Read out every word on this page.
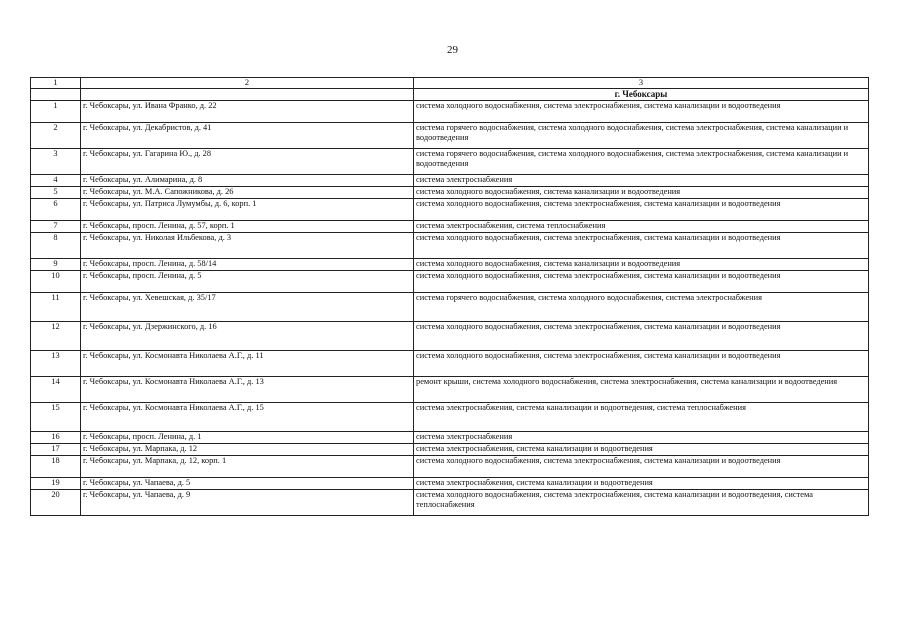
29
1	2	3
		г. Чебоксары
1	г. Чебоксары, ул. Ивана Франко, д. 22	система холодного водоснабжения, система электроснабжения, система канализации и водоотведения
2	г. Чебоксары, ул. Декабристов, д. 41	система горячего водоснабжения, система холодного водоснабжения, система электроснабжения, система канализации и водоотведения
3	г. Чебоксары, ул. Гагарина Ю., д. 28	система горячего водоснабжения, система холодного водоснабжения, система электроснабжения, система канализации и водоотведения
4	г. Чебоксары, ул. Алимарина, д. 8	система электроснабжения
5	г. Чебоксары, ул. М.А. Сапожникова, д. 26	система холодного водоснабжения, система канализации и водоотведения
6	г. Чебоксары, ул. Патриса Лумумбы, д. 6, корп. 1	система холодного водоснабжения, система электроснабжения, система канализации и водоотведения
7	г. Чебоксары, просп. Ленина, д. 57, корп. 1	система электроснабжения, система теплоснабжения
8	г. Чебоксары, ул. Николая Ильбекова, д. 3	система холодного водоснабжения, система электроснабжения, система канализации и водоотведения
9	г. Чебоксары, просп. Ленина, д. 58/14	система холодного водоснабжения, система канализации и водоотведения
10	г. Чебоксары, просп. Ленина, д. 5	система холодного водоснабжения, система электроснабжения, система канализации и водоотведения
11	г. Чебоксары, ул. Хевешская, д. 35/17	система горячего водоснабжения, система холодного водоснабжения, система электроснабжения
12	г. Чебоксары, ул. Дзержинского, д. 16	система холодного водоснабжения, система электроснабжения, система канализации и водоотведения
13	г. Чебоксары, ул. Космонавта Николаева А.Г., д. 11	система холодного водоснабжения, система электроснабжения, система канализации и водоотведения
14	г. Чебоксары, ул. Космонавта Николаева А.Г., д. 13	ремонт крыши, система холодного водоснабжения, система электроснабжения, система канализации и водоотведения
15	г. Чебоксары, ул. Космонавта Николаева А.Г., д. 15	система электроснабжения, система канализации и водоотведения, система теплоснабжения
16	г. Чебоксары, просп. Ленина, д. 1	система электроснабжения
17	г. Чебоксары, ул. Марпака, д. 12	система электроснабжения, система канализации и водоотведения
18	г. Чебоксары, ул. Марпака, д. 12, корп. 1	система холодного водоснабжения, система электроснабжения, система канализации и водоотведения
19	г. Чебоксары, ул. Чапаева, д. 5	система электроснабжения, система канализации и водоотведения
20	г. Чебоксары, ул. Чапаева, д. 9	система холодного водоснабжения, система электроснабжения, система канализации и водоотведения, система теплоснабжения
